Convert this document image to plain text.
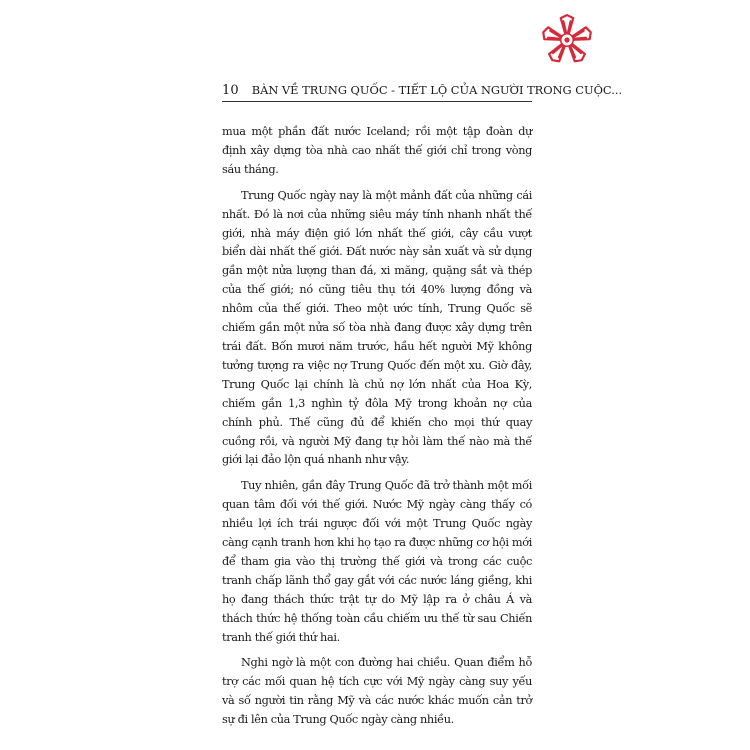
10 BÀN VỀ TRUNG QUỐC - TIẾT LỘ CỦA NGƯỜI TRONG CUỘC...

mua một phần đất nước Iceland; rồi một tập đoàn dự định xây dựng tòa nhà cao nhất thế giới chỉ trong vòng sáu tháng.

Trung Quốc ngày nay là một mảnh đất của những cái nhất. Đó là nơi của những siêu máy tính nhanh nhất thế giới, nhà máy điện gió lớn nhất thế giới, cây cầu vượt biển dài nhất thế giới. Đất nước này sản xuất và sử dụng gần một nửa lượng than đá, xi măng, quặng sắt và thép của thế giới; nó cũng tiêu thụ tới 40% lượng đồng và nhôm của thế giới. Theo một ước tính, Trung Quốc sẽ chiếm gần một nửa số tòa nhà đang được xây dựng trên trái đất. Bốn mươi năm trước, hầu hết người Mỹ không tưởng tượng ra việc nợ Trung Quốc đến một xu. Giờ đây, Trung Quốc lại chính là chủ nợ lớn nhất của Hoa Kỳ, chiếm gần 1,3 nghìn tỷ đôla Mỹ trong khoản nợ của chính phủ. Thế cũng đủ để khiến cho mọi thứ quay cuồng rồi, và người Mỹ đang tự hỏi làm thế nào mà thế giới lại đảo lộn quá nhanh như vậy.

Tuy nhiên, gần đây Trung Quốc đã trở thành một mối quan tâm đối với thế giới. Nước Mỹ ngày càng thấy có nhiều lợi ích trái ngược đối với một Trung Quốc ngày càng cạnh tranh hơn khi họ tạo ra được những cơ hội mới để tham gia vào thị trường thế giới và trong các cuộc tranh chấp lãnh thổ gay gắt với các nước láng giềng, khi họ đang thách thức trật tự do Mỹ lập ra ở châu Á và thách thức hệ thống toàn cầu chiếm ưu thế từ sau Chiến tranh thế giới thứ hai.

Nghi ngờ là một con đường hai chiều. Quan điểm hỗ trợ các mối quan hệ tích cực với Mỹ ngày càng suy yếu và số người tin rằng Mỹ và các nước khác muốn cản trở sự đi lên của Trung Quốc ngày càng nhiều.
